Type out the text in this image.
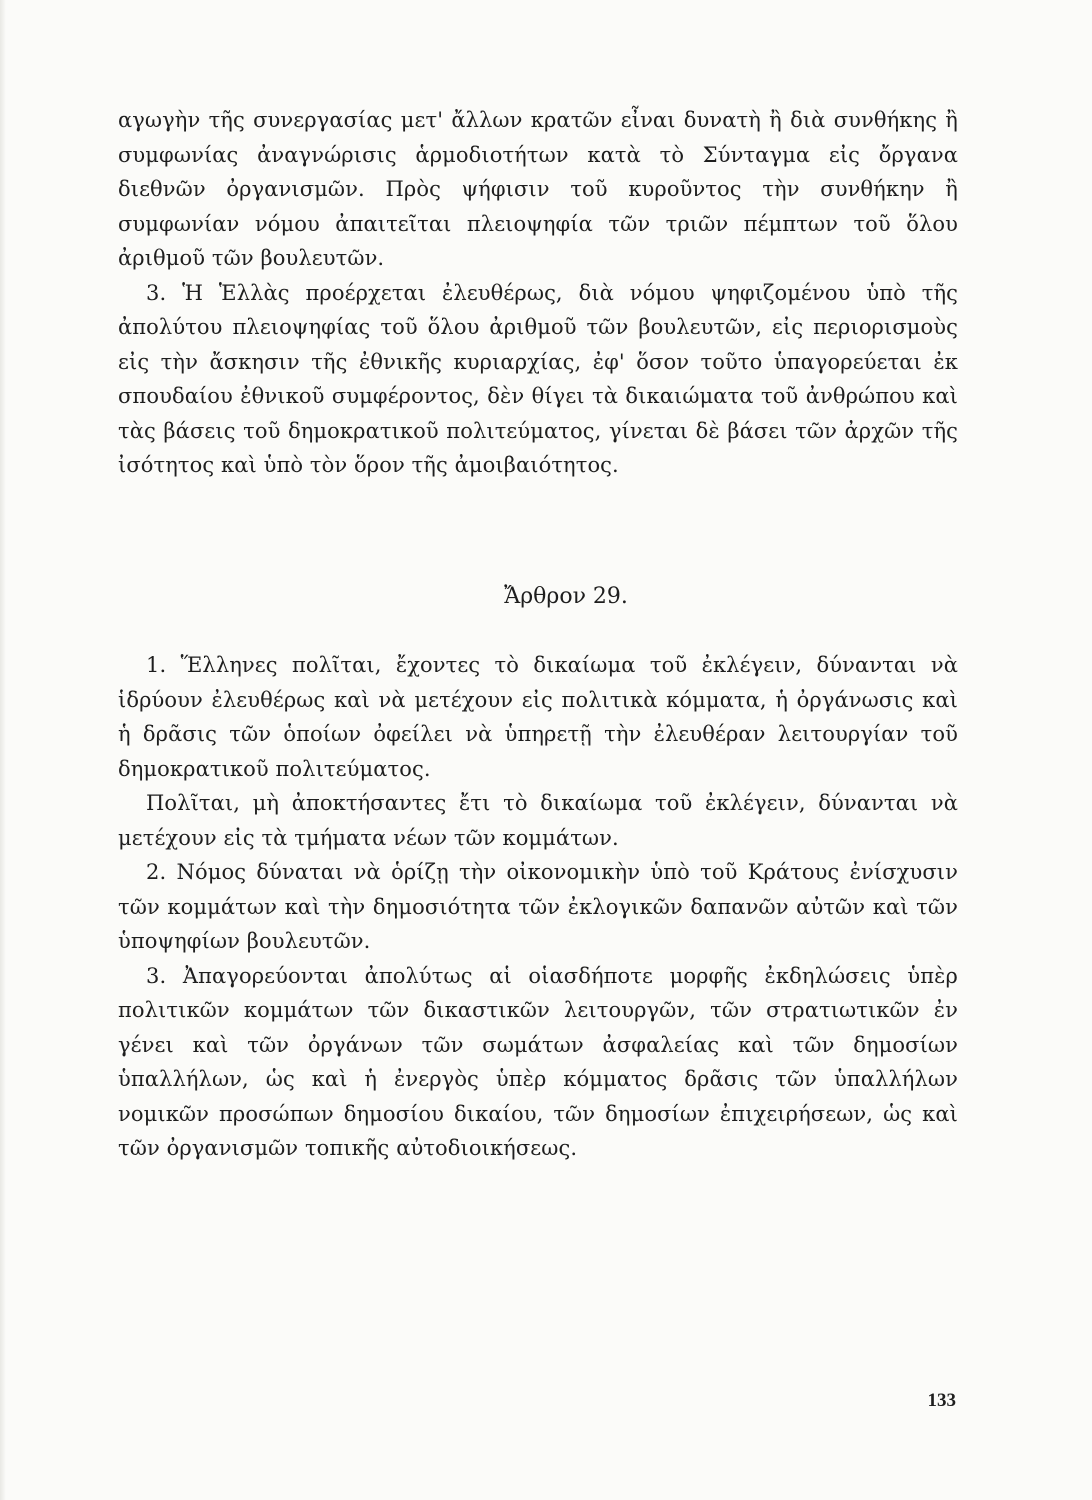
αγωγὴν τῆς συνεργασίας μετ' ἄλλων κρατῶν εἶναι δυνατὴ ἢ διὰ συνθήκης ἢ συμφωνίας ἀναγνώρισις ἁρμοδιοτήτων κατὰ τὸ Σύνταγμα εἰς ὄργανα διεθνῶν ὀργανισμῶν. Πρὸς ψήφισιν τοῦ κυροῦντος τὴν συνθήκην ἢ συμφωνίαν νόμου ἀπαιτεῖται πλειοψηφία τῶν τριῶν πέμπτων τοῦ ὅλου ἀριθμοῦ τῶν βουλευτῶν.

3. Ἡ Ἑλλὰς προέρχεται ἐλευθέρως, διὰ νόμου ψηφιζομένου ὑπὸ τῆς ἀπολύτου πλειοψηφίας τοῦ ὅλου ἀριθμοῦ τῶν βουλευτῶν, εἰς περιορισμοὺς εἰς τὴν ἄσκησιν τῆς ἐθνικῆς κυριαρχίας, ἐφ' ὅσον τοῦτο ὑπαγορεύεται ἐκ σπουδαίου ἐθνικοῦ συμφέροντος, δὲν θίγει τὰ δικαιώματα τοῦ ἀνθρώπου καὶ τὰς βάσεις τοῦ δημοκρατικοῦ πολιτεύματος, γίνεται δὲ βάσει τῶν ἀρχῶν τῆς ἰσότητος καὶ ὑπὸ τὸν ὅρον τῆς ἀμοιβαιότητος.

Ἄρθρον 29.

1. Ἕλληνες πολῖται, ἔχοντες τὸ δικαίωμα τοῦ ἐκλέγειν, δύνανται νὰ ἱδρύουν ἐλευθέρως καὶ νὰ μετέχουν εἰς πολιτικὰ κόμματα, ἡ ὀργάνωσις καὶ ἡ δρᾶσις τῶν ὁποίων ὀφείλει νὰ ὑπηρετῇ τὴν ἐλευθέραν λειτουργίαν τοῦ δημοκρατικοῦ πολιτεύματος.

Πολῖται, μὴ ἀποκτήσαντες ἔτι τὸ δικαίωμα τοῦ ἐκλέγειν, δύνανται νὰ μετέχουν εἰς τὰ τμήματα νέων τῶν κομμάτων.

2. Νόμος δύναται νὰ ὁρίζῃ τὴν οἰκονομικὴν ὑπὸ τοῦ Κράτους ἐνίσχυσιν τῶν κομμάτων καὶ τὴν δημοσιότητα τῶν ἐκλογικῶν δαπανῶν αὐτῶν καὶ τῶν ὑποψηφίων βουλευτῶν.

3. Ἀπαγορεύονται ἀπολύτως αἱ οἱασδήποτε μορφῆς ἐκδηλώσεις ὑπὲρ πολιτικῶν κομμάτων τῶν δικαστικῶν λειτουργῶν, τῶν στρατιωτικῶν ἐν γένει καὶ τῶν ὀργάνων τῶν σωμάτων ἀσφαλείας καὶ τῶν δημοσίων ὑπαλλήλων, ὡς καὶ ἡ ἐνεργὸς ὑπὲρ κόμματος δρᾶσις τῶν ὑπαλλήλων νομικῶν προσώπων δημοσίου δικαίου, τῶν δημοσίων ἐπιχειρήσεων, ὡς καὶ τῶν ὀργανισμῶν τοπικῆς αὐτοδιοικήσεως.

133
